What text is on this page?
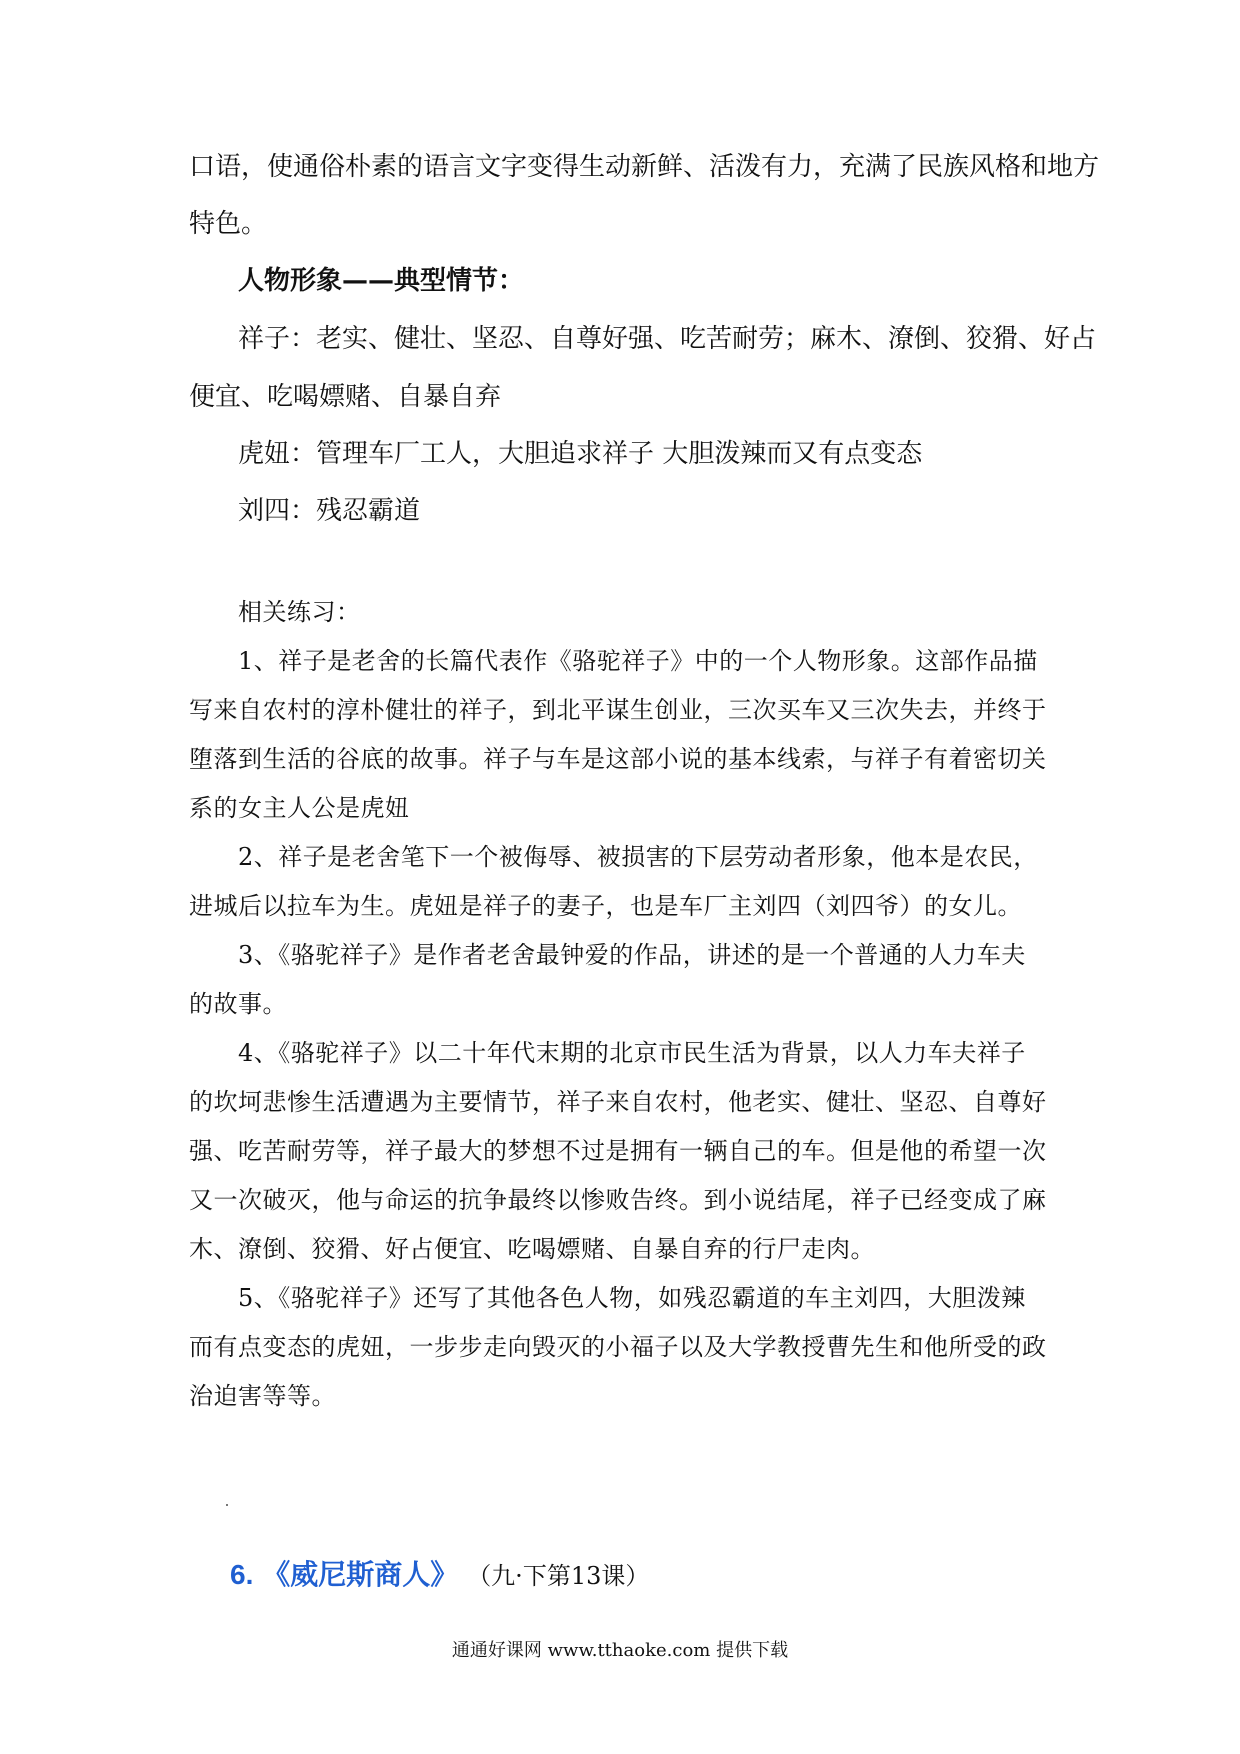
口语，使通俗朴素的语言文字变得生动新鲜、活泼有力，充满了民族风格和地方
特色。
人物形象——典型情节：
祥子：老实、健壮、坚忍、自尊好强、吃苦耐劳；麻木、潦倒、狡猾、好占
便宜、吃喝嫖赌、自暴自弃
虎妞：管理车厂工人，大胆追求祥子 大胆泼辣而又有点变态
刘四：残忍霸道
相关练习：
1、祥子是老舍的长篇代表作《骆驼祥子》中的一个人物形象。这部作品描
写来自农村的淳朴健壮的祥子，到北平谋生创业，三次买车又三次失去，并终于
堕落到生活的谷底的故事。祥子与车是这部小说的基本线索，与祥子有着密切关
系的女主人公是虎妞
2、祥子是老舍笔下一个被侮辱、被损害的下层劳动者形象，他本是农民，
进城后以拉车为生。虎妞是祥子的妻子，也是车厂主刘四（刘四爷）的女儿。
3、《骆驼祥子》是作者老舍最钟爱的作品，讲述的是一个普通的人力车夫
的故事。
4、《骆驼祥子》以二十年代末期的北京市民生活为背景，以人力车夫祥子
的坎坷悲惨生活遭遇为主要情节，祥子来自农村，他老实、健壮、坚忍、自尊好
强、吃苦耐劳等，祥子最大的梦想不过是拥有一辆自己的车。但是他的希望一次
又一次破灭，他与命运的抗争最终以惨败告终。到小说结尾，祥子已经变成了麻
木、潦倒、狡猾、好占便宜、吃喝嫖赌、自暴自弃的行尸走肉。
5、《骆驼祥子》还写了其他各色人物，如残忍霸道的车主刘四，大胆泼辣
而有点变态的虎妞，一步步走向毁灭的小福子以及大学教授曹先生和他所受的政
治迫害等等。
6. 《威尼斯商人》 （九·下第13课）
通通好课网 www.tthaoke.com 提供下载
